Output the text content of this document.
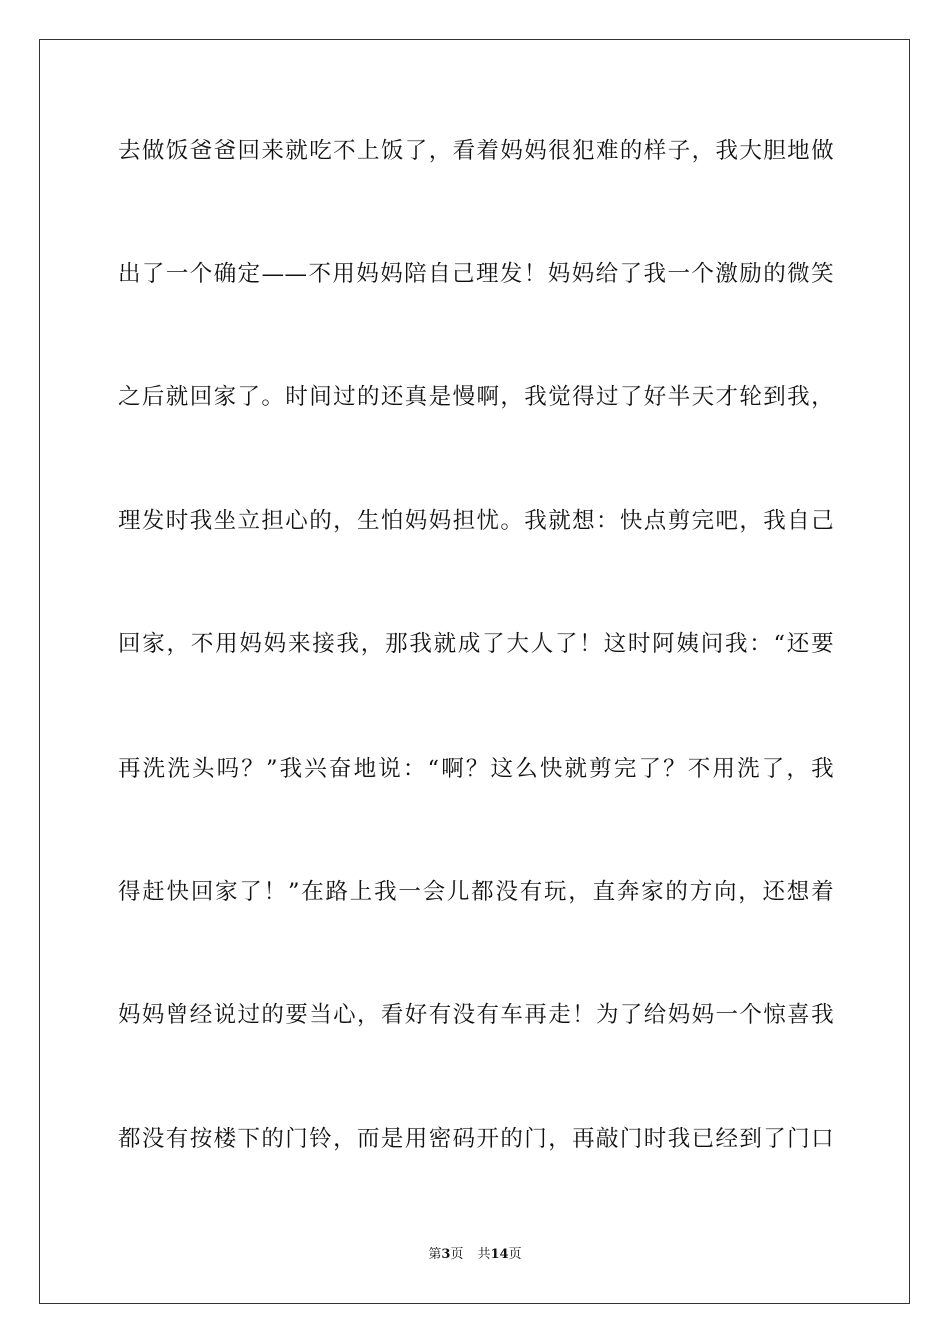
去做饭爸爸回来就吃不上饭了，看着妈妈很犯难的样子，我大胆地做
出了一个确定——不用妈妈陪自己理发！妈妈给了我一个激励的微笑
之后就回家了。时间过的还真是慢啊，我觉得过了好半天才轮到我，
理发时我坐立担心的，生怕妈妈担忧。我就想：快点剪完吧，我自己
回家，不用妈妈来接我，那我就成了大人了！这时阿姨问我：“还要
再洗洗头吗？”我兴奋地说：“啊？这么快就剪完了？不用洗了，我
得赶快回家了！”在路上我一会儿都没有玩，直奔家的方向，还想着
妈妈曾经说过的要当心，看好有没有车再走！为了给妈妈一个惊喜我
都没有按楼下的门铃，而是用密码开的门，再敲门时我已经到了门口
第3页 共14页
